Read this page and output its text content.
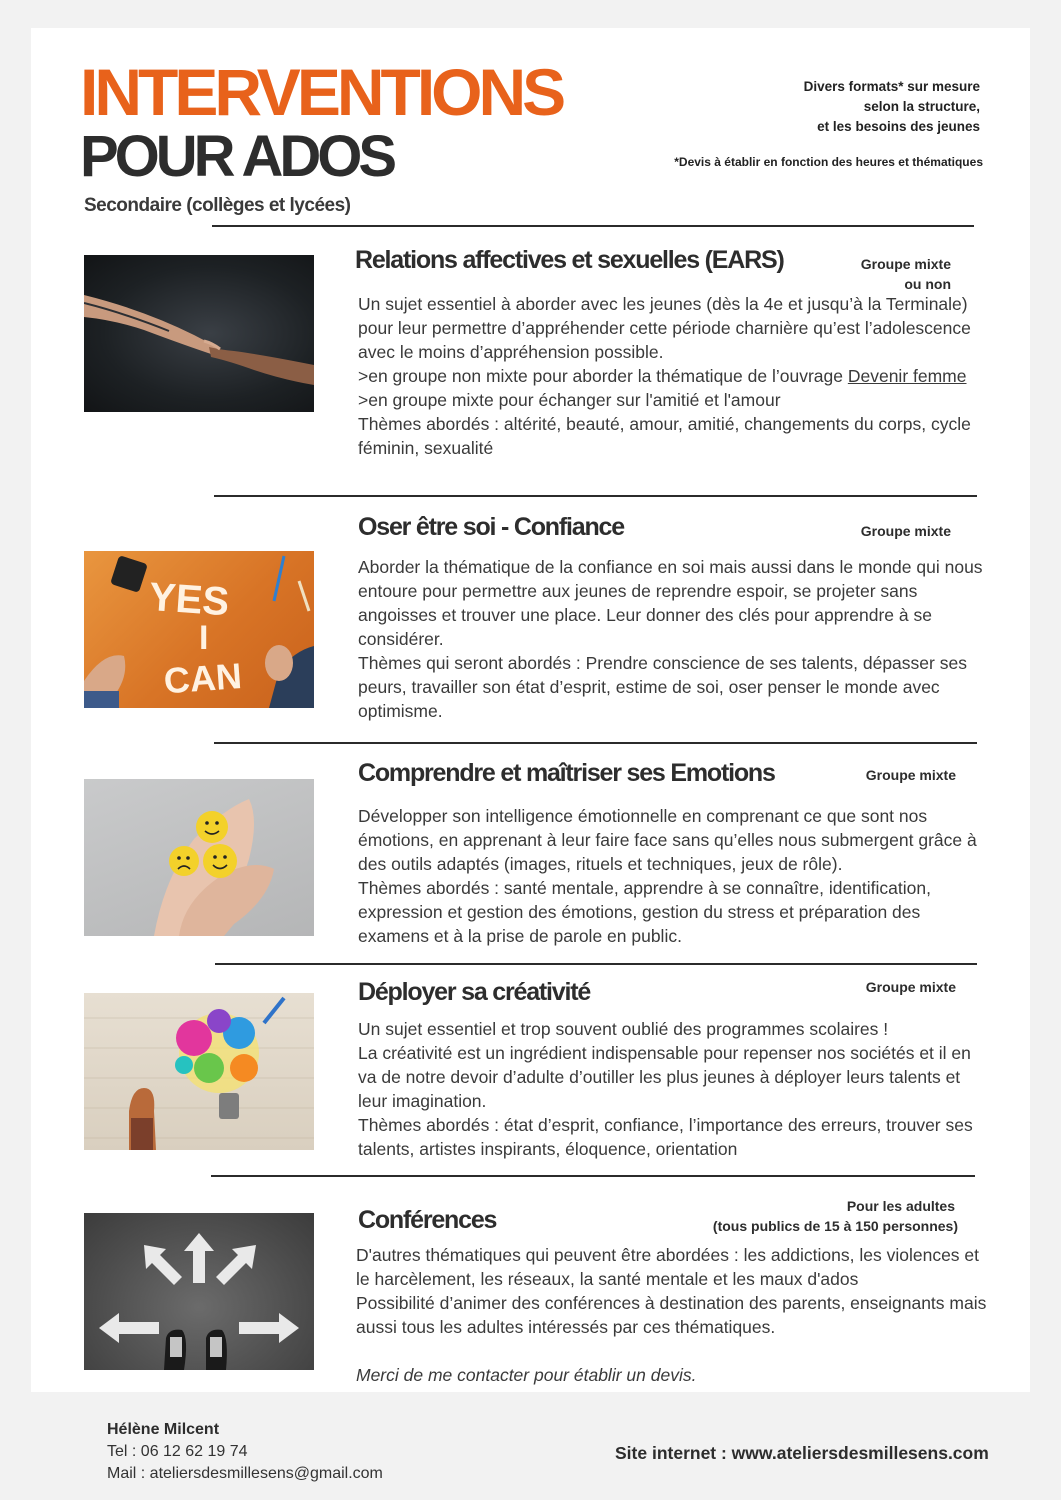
INTERVENTIONS
POUR ADOS
Secondaire (collèges et lycées)
Divers formats* sur mesure
selon la structure,
et les besoins des jeunes
*Devis à établir en fonction des heures et thématiques
Relations affectives et sexuelles (EARS)	Groupe mixte
ou non

Un sujet essentiel à aborder avec les jeunes (dès la 4e et jusqu’à la Terminale) pour leur permettre d’appréhender cette période charnière qu’est l’adolescence avec le moins d’appréhension possible.

>en groupe non mixte pour aborder la thématique de l’ouvrage Devenir femme

>en groupe mixte pour échanger sur l'amitié et l'amour

Thèmes abordés : altérité, beauté, amour, amitié, changements du corps, cycle féminin, sexualité

YES
I
CAN
Oser être soi - Confiance	Groupe mixte

Aborder la thématique de la confiance en soi mais aussi dans le monde qui nous entoure pour permettre aux jeunes de reprendre espoir, se projeter sans angoisses et trouver une place. Leur donner des clés pour apprendre à se considérer.

Thèmes qui seront abordés : Prendre conscience de ses talents, dépasser ses peurs, travailler son état d’esprit, estime de soi, oser penser le monde avec optimisme.

Comprendre et maîtriser ses Emotions	Groupe mixte

Développer son intelligence émotionnelle en comprenant ce que sont nos émotions, en apprenant à leur faire face sans qu’elles nous submergent grâce à des outils adaptés (images, rituels et techniques, jeux de rôle).

Thèmes abordés : santé mentale, apprendre à se connaître, identification, expression et gestion des émotions, gestion du stress et préparation des examens et à la prise de parole en public.

Déployer sa créativité	Groupe mixte

Un sujet essentiel et trop souvent oublié des programmes scolaires !

La créativité est un ingrédient indispensable pour repenser nos sociétés et il en va de notre devoir d’adulte d’outiller les plus jeunes à déployer leurs talents et leur imagination.

Thèmes abordés : état d’esprit, confiance, l’importance des erreurs, trouver ses talents, artistes inspirants, éloquence, orientation

Conférences	Pour les adultes
(tous publics de 15 à 150 personnes)

D'autres thématiques qui peuvent être abordées : les addictions, les violences et le harcèlement, les réseaux, la santé mentale et les maux d'ados

Possibilité d’animer des conférences à destination des parents, enseignants mais aussi tous les adultes intéressés par ces thématiques.

Merci de me contacter pour établir un devis.

Hélène Milcent
Tel : 06 12 62 19 74
Mail : ateliersdesmillesens@gmail.com
Site internet : www.ateliersdesmillesens.com
